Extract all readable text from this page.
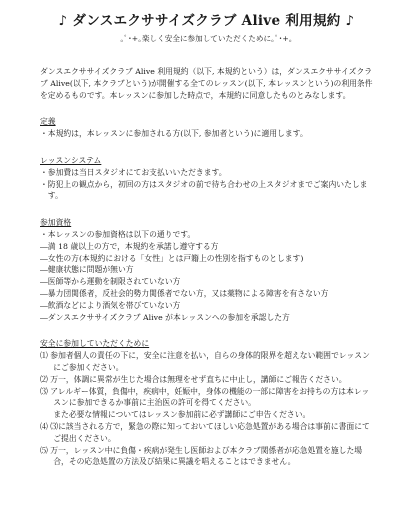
♪ ダンスエクササイズクラブ Alive 利用規約 ♪

｡ﾟ･+｡楽しく安全に参加していただくために｡ﾟ･+｡

ダンスエクササイズクラブ Alive 利用規約（以下, 本規約という）は，ダンスエクササイズクラブ Alive(以下, 本クラブという)が開催する全てのレッスン(以下, 本レッスンという)の利用条件を定めるものです。本レッスンに参加した時点で，本規約に同意したものとみなします。

定義

・本規約は，本レッスンに参加される方(以下, 参加者という)に適用します。

レッスンシステム

・参加費は当日スタジオにてお支払いいただきます。

・防犯上の観点から，初回の方はスタジオの前で待ち合わせの上スタジオまでご案内いたします。

参加資格

・本レッスンの参加資格は以下の通りです。

―満 18 歳以上の方で，本規約を承諾し遵守する方

―女性の方(本規約における「女性」とは戸籍上の性別を指すものとします)

―健康状態に問題が無い方

―医師等から運動を制限されていない方

―暴力団関係者，反社会的勢力関係者でない方，又は薬物による障害を有さない方

―飲酒などにより酒気を帯びていない方

―ダンスエクササイズクラブ Alive が本レッスンへの参加を承認した方

安全に参加していただくために

⑴ 参加者個人の責任の下に，安全に注意を払い，自らの身体的限界を超えない範囲でレッスンにご参加ください。

⑵ 万一，体調に異常が生じた場合は無理をせず直ちに中止し，講師にご報告ください。

⑶ アレルギー体質，負傷中，疾病中，妊娠中，身体の機能の一部に障害をお持ちの方は本レッスンに参加できるか事前に主治医の許可を得てください。

また必要な情報についてはレッスン参加前に必ず講師にご申告ください。

⑷ ⑶に該当される方で，緊急の際に知っておいてほしい応急処置がある場合は事前に書面にてご提出ください。

⑸ 万一，レッスン中に負傷・疾病が発生し医師および本クラブ関係者が応急処置を施した場合，その応急処置の方法及び結果に異議を唱えることはできません。
